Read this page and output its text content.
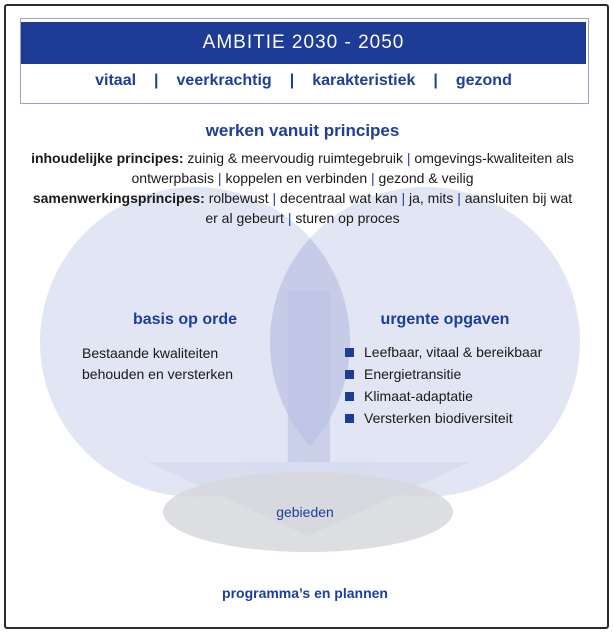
AMBITIE 2030 - 2050
vitaal | veerkrachtig | karakteristiek | gezond
werken vanuit principes
inhoudelijke principes: zuinig & meervoudig ruimtegebruik | omgevings-kwaliteiten als ontwerpbasis | koppelen en verbinden | gezond & veilig
samenwerkingsprincipes: rolbewust | decentraal wat kan | ja, mits | aansluiten bij wat er al gebeurt | sturen op proces
basis op orde
Bestaande kwaliteiten behouden en versterken
urgente opgaven
Leefbaar, vitaal & bereikbaar
Energietransitie
Klimaat-adaptatie
Versterken biodiversiteit
gebieden
programma’s en plannen
